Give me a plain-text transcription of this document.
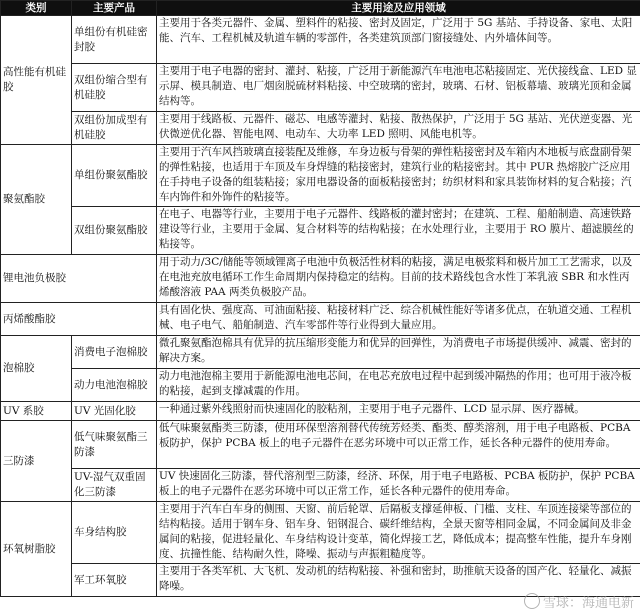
类别	主要产品	主要用途及应用领域
高性能有机硅胶	单组份有机硅密封胶	主要用于各类元器件、金属、塑料件的粘接、密封及固定，广泛用于 5G 基站、手持设备、家电、太阳能、汽车、工程机械及轨道车辆的零部件，各类建筑顶部门窗接缝处、内外墙体间等。
	双组份缩合型有机硅胶	主要用于电子电器的密封、灌封、粘接，广泛用于新能源汽车电池电芯粘接固定、光伏接线盒、LED 显示屏、模具制造、电厂烟囱脱硫材料粘接、中空玻璃的密封，玻璃、石材、铝板幕墙、玻璃光顶和金属结构等。
	双组份加成型有机硅胶	主要用于线路板、元器件、磁芯、电感等灌封、粘接、散热保护，广泛用于 5G 基站、光伏逆变器、光伏微逆优化器、智能电网、电动车、大功率 LED 照明、风能电机等。
聚氨酯胶	单组份聚氨酯胶	主要用于汽车风挡玻璃直接装配及维修，车身边板与骨架的弹性粘接密封及车箱内木地板与底盘副骨架的弹性粘接，也适用于车顶及车身焊缝的粘接密封，建筑行业的粘接密封。其中 PUR 热熔胶广泛应用在手持电子设备的组装粘接；家用电器设备的面板粘接密封；纺织材料和家具装饰材料的复合粘接；汽车内饰件和外饰件的粘接等。
	双组份聚氨酯胶	在电子、电器等行业，主要用于电子元器件、线路板的灌封密封；在建筑、工程、船舶制造、高速铁路建设等行业，主要用于金属、复合材料等的结构粘接；在水处理行业，主要用于 RO 膜片、超滤膜丝的粘接等。
锂电池负极胶		用于动力/3C/储能等领域锂离子电池中负极活性材料的粘接，满足电极浆料和极片加工工艺需求，以及在电池充放电循环工作生命周期内保持稳定的结构。目前的技术路线包含水性丁苯乳液 SBR 和水性丙烯酸溶液 PAA 两类负极胶产品。
丙烯酸酯胶		具有固化快、强度高、可油面粘接、粘接材料广泛、综合机械性能好等诸多优点，在轨道交通、工程机械、电子电气、船舶制造、汽车零部件等行业得到大量应用。
泡棉胶	消费电子泡棉胶	微孔聚氨酯泡棉具有优异的抗压缩形变能力和优异的回弹性，为消费电子市场提供缓冲、减震、密封的解决方案。
	动力电池泡棉胶	动力电池泡棉主要用于新能源电池电芯间，在电芯充放电过程中起到缓冲隔热的作用；也可用于液冷板的粘接，起到支撑减震的作用。
UV 系胶	UV 光固化胶	一种通过紫外线照射而快速固化的胶粘剂，主要用于电子元器件、LCD 显示屏、医疗器械。
三防漆	低气味聚氨酯三防漆	低气味聚氨酯类三防漆，使用环保型溶剂替代传统芳烃类、酯类、醇类溶剂，用于电子电路板、PCBA 板防护，保护 PCBA 板上的电子元器件在恶劣环境中可以正常工作，延长各种元器件的使用寿命。
	UV-湿气双重固化三防漆	UV 快速固化三防漆，替代溶剂型三防漆，经济、环保，用于电子电路板、PCBA 板防护，保护 PCBA 板上的电子元器件在恶劣环境中可以正常工作，延长各种元器件的使用寿命。
环氧树脂胶	车身结构胶	主要用于汽车白车身的侧围、天窗、前后轮罩、后隔板支撑延伸板、门槛、支柱、车顶连接梁等部位的结构粘接。适用于钢车身、铝车身、铝钢混合、碳纤维结构，全景天窗等相同金属，不同金属间及非金属间的粘接，促进轻量化、车身结构设计变革，简化焊接工艺，降低成本；提高整车性能，提升车身刚度、抗撞性能、结构耐久性，降噪、振动与声振粗糙度等。
	军工环氧胶	主要用于各类军机、大飞机、发动机的结构粘接、补强和密封，助推航天设备的国产化、轻量化、减振降噪。
雪球：海通电新
